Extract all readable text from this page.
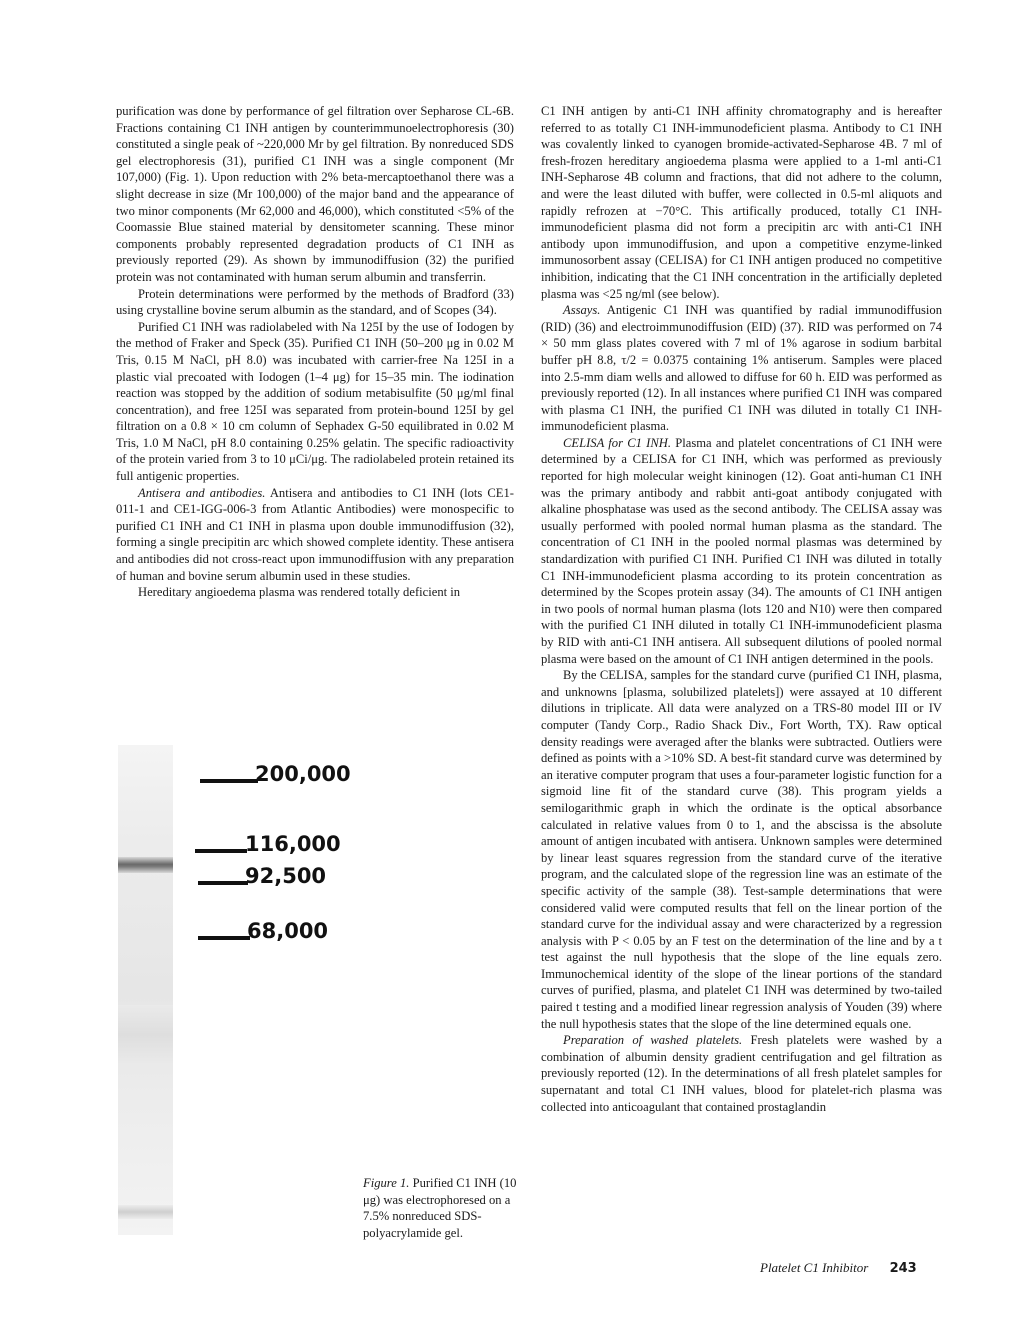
purification was done by performance of gel filtration over Sepharose CL-6B. Fractions containing C1 INH antigen by counterimmunoelectrophoresis (30) constituted a single peak of ~220,000 Mr by gel filtration. By nonreduced SDS gel electrophoresis (31), purified C1 INH was a single component (Mr 107,000) (Fig. 1). Upon reduction with 2% beta-mercaptoethanol there was a slight decrease in size (Mr 100,000) of the major band and the appearance of two minor components (Mr 62,000 and 46,000), which constituted <5% of the Coomassie Blue stained material by densitometer scanning. These minor components probably represented degradation products of C1 INH as previously reported (29). As shown by immunodiffusion (32) the purified protein was not contaminated with human serum albumin and transferrin.

Protein determinations were performed by the methods of Bradford (33) using crystalline bovine serum albumin as the standard, and of Scopes (34).

Purified C1 INH was radiolabeled with Na 125I by the use of Iodogen by the method of Fraker and Speck (35). Purified C1 INH (50–200 μg in 0.02 M Tris, 0.15 M NaCl, pH 8.0) was incubated with carrier-free Na 125I in a plastic vial precoated with Iodogen (1–4 μg) for 15–35 min. The iodination reaction was stopped by the addition of sodium metabisulfite (50 μg/ml final concentration), and free 125I was separated from protein-bound 125I by gel filtration on a 0.8 × 10 cm column of Sephadex G-50 equilibrated in 0.02 M Tris, 1.0 M NaCl, pH 8.0 containing 0.25% gelatin. The specific radioactivity of the protein varied from 3 to 10 μCi/μg. The radiolabeled protein retained its full antigenic properties.

Antisera and antibodies. Antisera and antibodies to C1 INH (lots CE1-011-1 and CE1-IGG-006-3 from Atlantic Antibodies) were monospecific to purified C1 INH and C1 INH in plasma upon double immunodiffusion (32), forming a single precipitin arc which showed complete identity. These antisera and antibodies did not cross-react upon immunodiffusion with any preparation of human and bovine serum albumin used in these studies.

Hereditary angioedema plasma was rendered totally deficient in

200,000
116,000
92,500
68,000
Figure 1. Purified C1 INH (10 μg) was electrophoresed on a 7.5% nonreduced SDS-polyacrylamide gel.

C1 INH antigen by anti-C1 INH affinity chromatography and is hereafter referred to as totally C1 INH-immunodeficient plasma. Antibody to C1 INH was covalently linked to cyanogen bromide-activated-Sepharose 4B. 7 ml of fresh-frozen hereditary angioedema plasma were applied to a 1-ml anti-C1 INH-Sepharose 4B column and fractions, that did not adhere to the column, and were the least diluted with buffer, were collected in 0.5-ml aliquots and rapidly refrozen at −70°C. This artifically produced, totally C1 INH-immunodeficient plasma did not form a precipitin arc with anti-C1 INH antibody upon immunodiffusion, and upon a competitive enzyme-linked immunosorbent assay (CELISA) for C1 INH antigen produced no competitive inhibition, indicating that the C1 INH concentration in the artificially depleted plasma was <25 ng/ml (see below).

Assays. Antigenic C1 INH was quantified by radial immunodiffusion (RID) (36) and electroimmunodiffusion (EID) (37). RID was performed on 74 × 50 mm glass plates covered with 7 ml of 1% agarose in sodium barbital buffer pH 8.8, τ/2 = 0.0375 containing 1% antiserum. Samples were placed into 2.5-mm diam wells and allowed to diffuse for 60 h. EID was performed as previously reported (12). In all instances where purified C1 INH was compared with plasma C1 INH, the purified C1 INH was diluted in totally C1 INH-immunodeficient plasma.

CELISA for C1 INH. Plasma and platelet concentrations of C1 INH were determined by a CELISA for C1 INH, which was performed as previously reported for high molecular weight kininogen (12). Goat anti-human C1 INH was the primary antibody and rabbit anti-goat antibody conjugated with alkaline phosphatase was used as the second antibody. The CELISA assay was usually performed with pooled normal human plasma as the standard. The concentration of C1 INH in the pooled normal plasmas was determined by standardization with purified C1 INH. Purified C1 INH was diluted in totally C1 INH-immunodeficient plasma according to its protein concentration as determined by the Scopes protein assay (34). The amounts of C1 INH antigen in two pools of normal human plasma (lots 120 and N10) were then compared with the purified C1 INH diluted in totally C1 INH-immunodeficient plasma by RID with anti-C1 INH antisera. All subsequent dilutions of pooled normal plasma were based on the amount of C1 INH antigen determined in the pools.

By the CELISA, samples for the standard curve (purified C1 INH, plasma, and unknowns [plasma, solubilized platelets]) were assayed at 10 different dilutions in triplicate. All data were analyzed on a TRS-80 model III or IV computer (Tandy Corp., Radio Shack Div., Fort Worth, TX). Raw optical density readings were averaged after the blanks were subtracted. Outliers were defined as points with a >10% SD. A best-fit standard curve was determined by an iterative computer program that uses a four-parameter logistic function for a sigmoid line fit of the standard curve (38). This program yields a semilogarithmic graph in which the ordinate is the optical absorbance calculated in relative values from 0 to 1, and the abscissa is the absolute amount of antigen incubated with antisera. Unknown samples were determined by linear least squares regression from the standard curve of the iterative program, and the calculated slope of the regression line was an estimate of the specific activity of the sample (38). Test-sample determinations that were considered valid were computed results that fell on the linear portion of the standard curve for the individual assay and were characterized by a regression analysis with P < 0.05 by an F test on the determination of the line and by a t test against the null hypothesis that the slope of the line equals zero. Immunochemical identity of the slope of the linear portions of the standard curves of purified, plasma, and platelet C1 INH was determined by two-tailed paired t testing and a modified linear regression analysis of Youden (39) where the null hypothesis states that the slope of the line determined equals one.

Preparation of washed platelets. Fresh platelets were washed by a combination of albumin density gradient centrifugation and gel filtration as previously reported (12). In the determinations of all fresh platelet samples for supernatant and total C1 INH values, blood for platelet-rich plasma was collected into anticoagulant that contained prostaglandin

Platelet C1 Inhibitor 243
